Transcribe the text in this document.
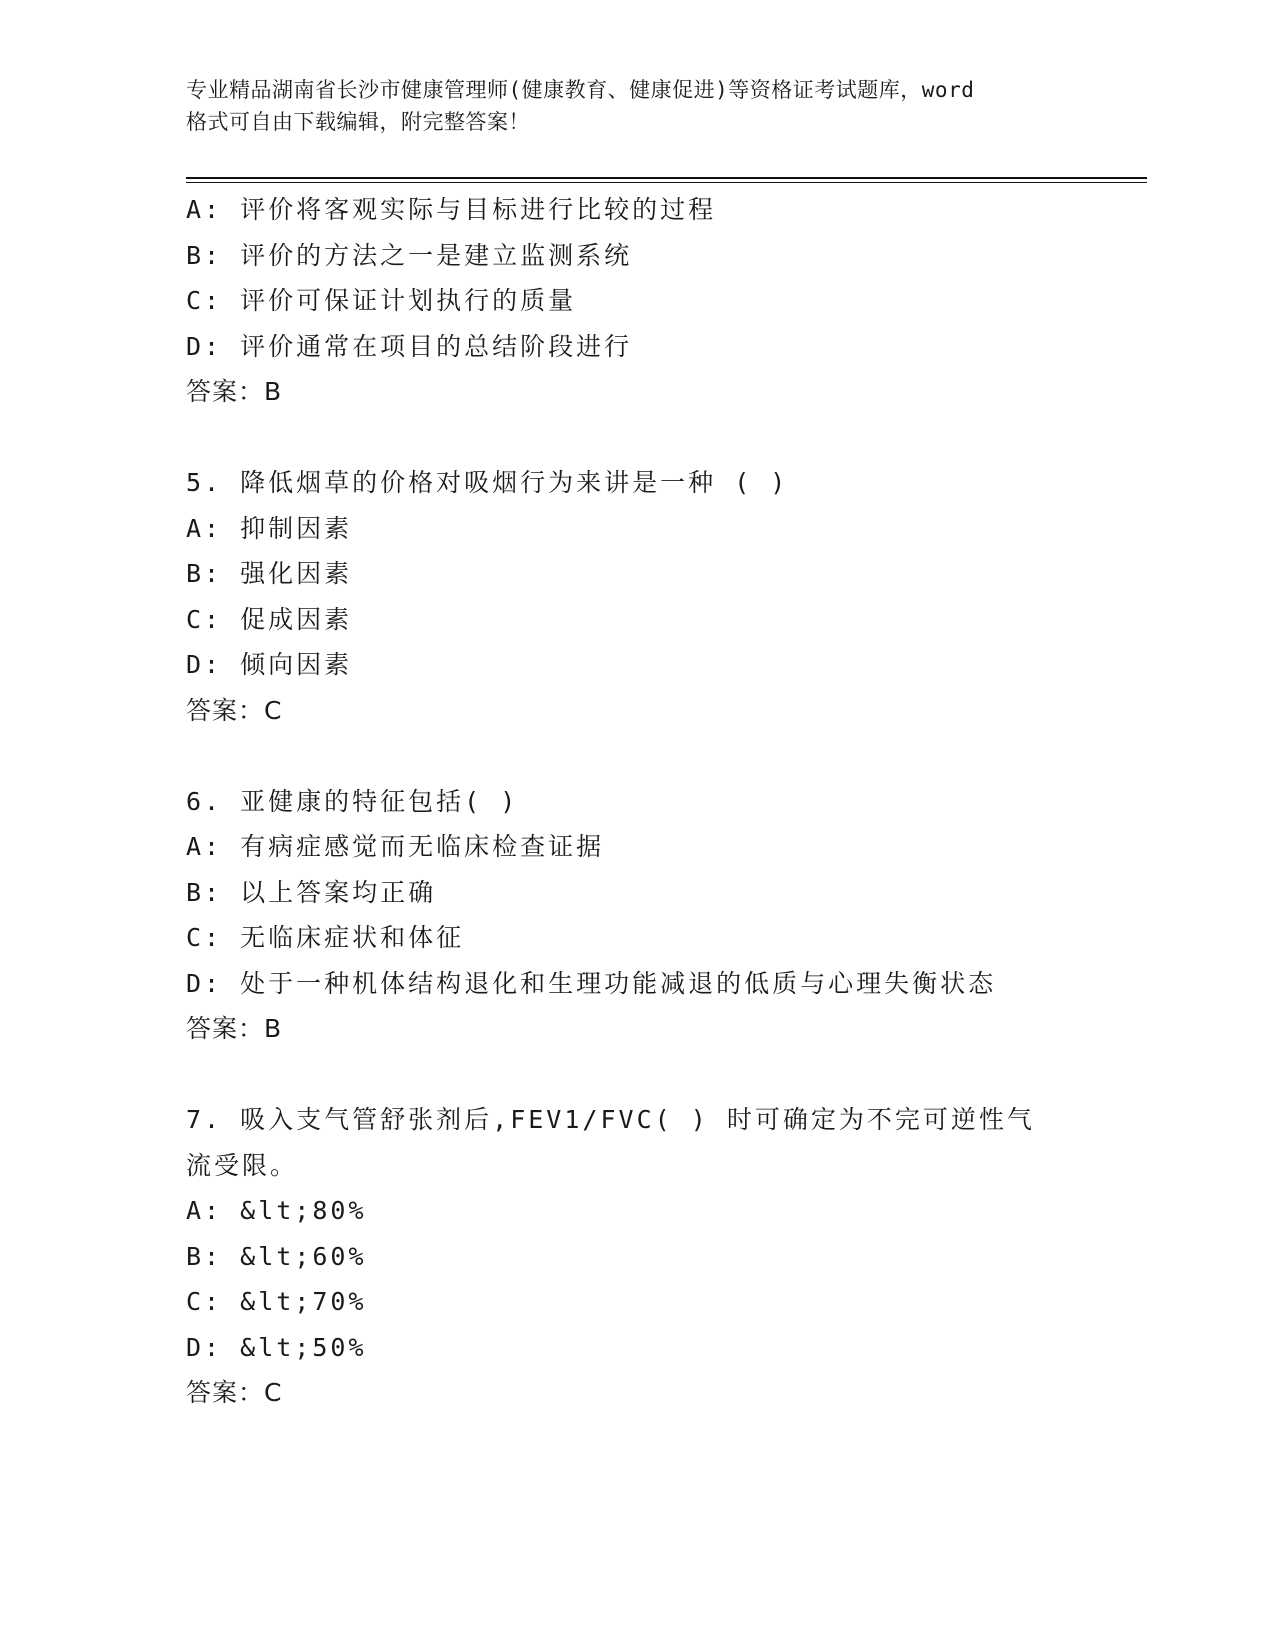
专业精品湖南省长沙市健康管理师(健康教育、健康促进)等资格证考试题库，word
格式可自由下载编辑，附完整答案！
A: 评价将客观实际与目标进行比较的过程
B: 评价的方法之一是建立监测系统
C: 评价可保证计划执行的质量
D: 评价通常在项目的总结阶段进行
答案：B
5. 降低烟草的价格对吸烟行为来讲是一种 ( )
A: 抑制因素
B: 强化因素
C: 促成因素
D: 倾向因素
答案：C
6. 亚健康的特征包括( )
A: 有病症感觉而无临床检查证据
B: 以上答案均正确
C: 无临床症状和体征
D: 处于一种机体结构退化和生理功能减退的低质与心理失衡状态
答案：B
7. 吸入支气管舒张剂后,FEV1/FVC( ) 时可确定为不完可逆性气
流受限。
A: &lt;80%
B: &lt;60%
C: &lt;70%
D: &lt;50%
答案：C
